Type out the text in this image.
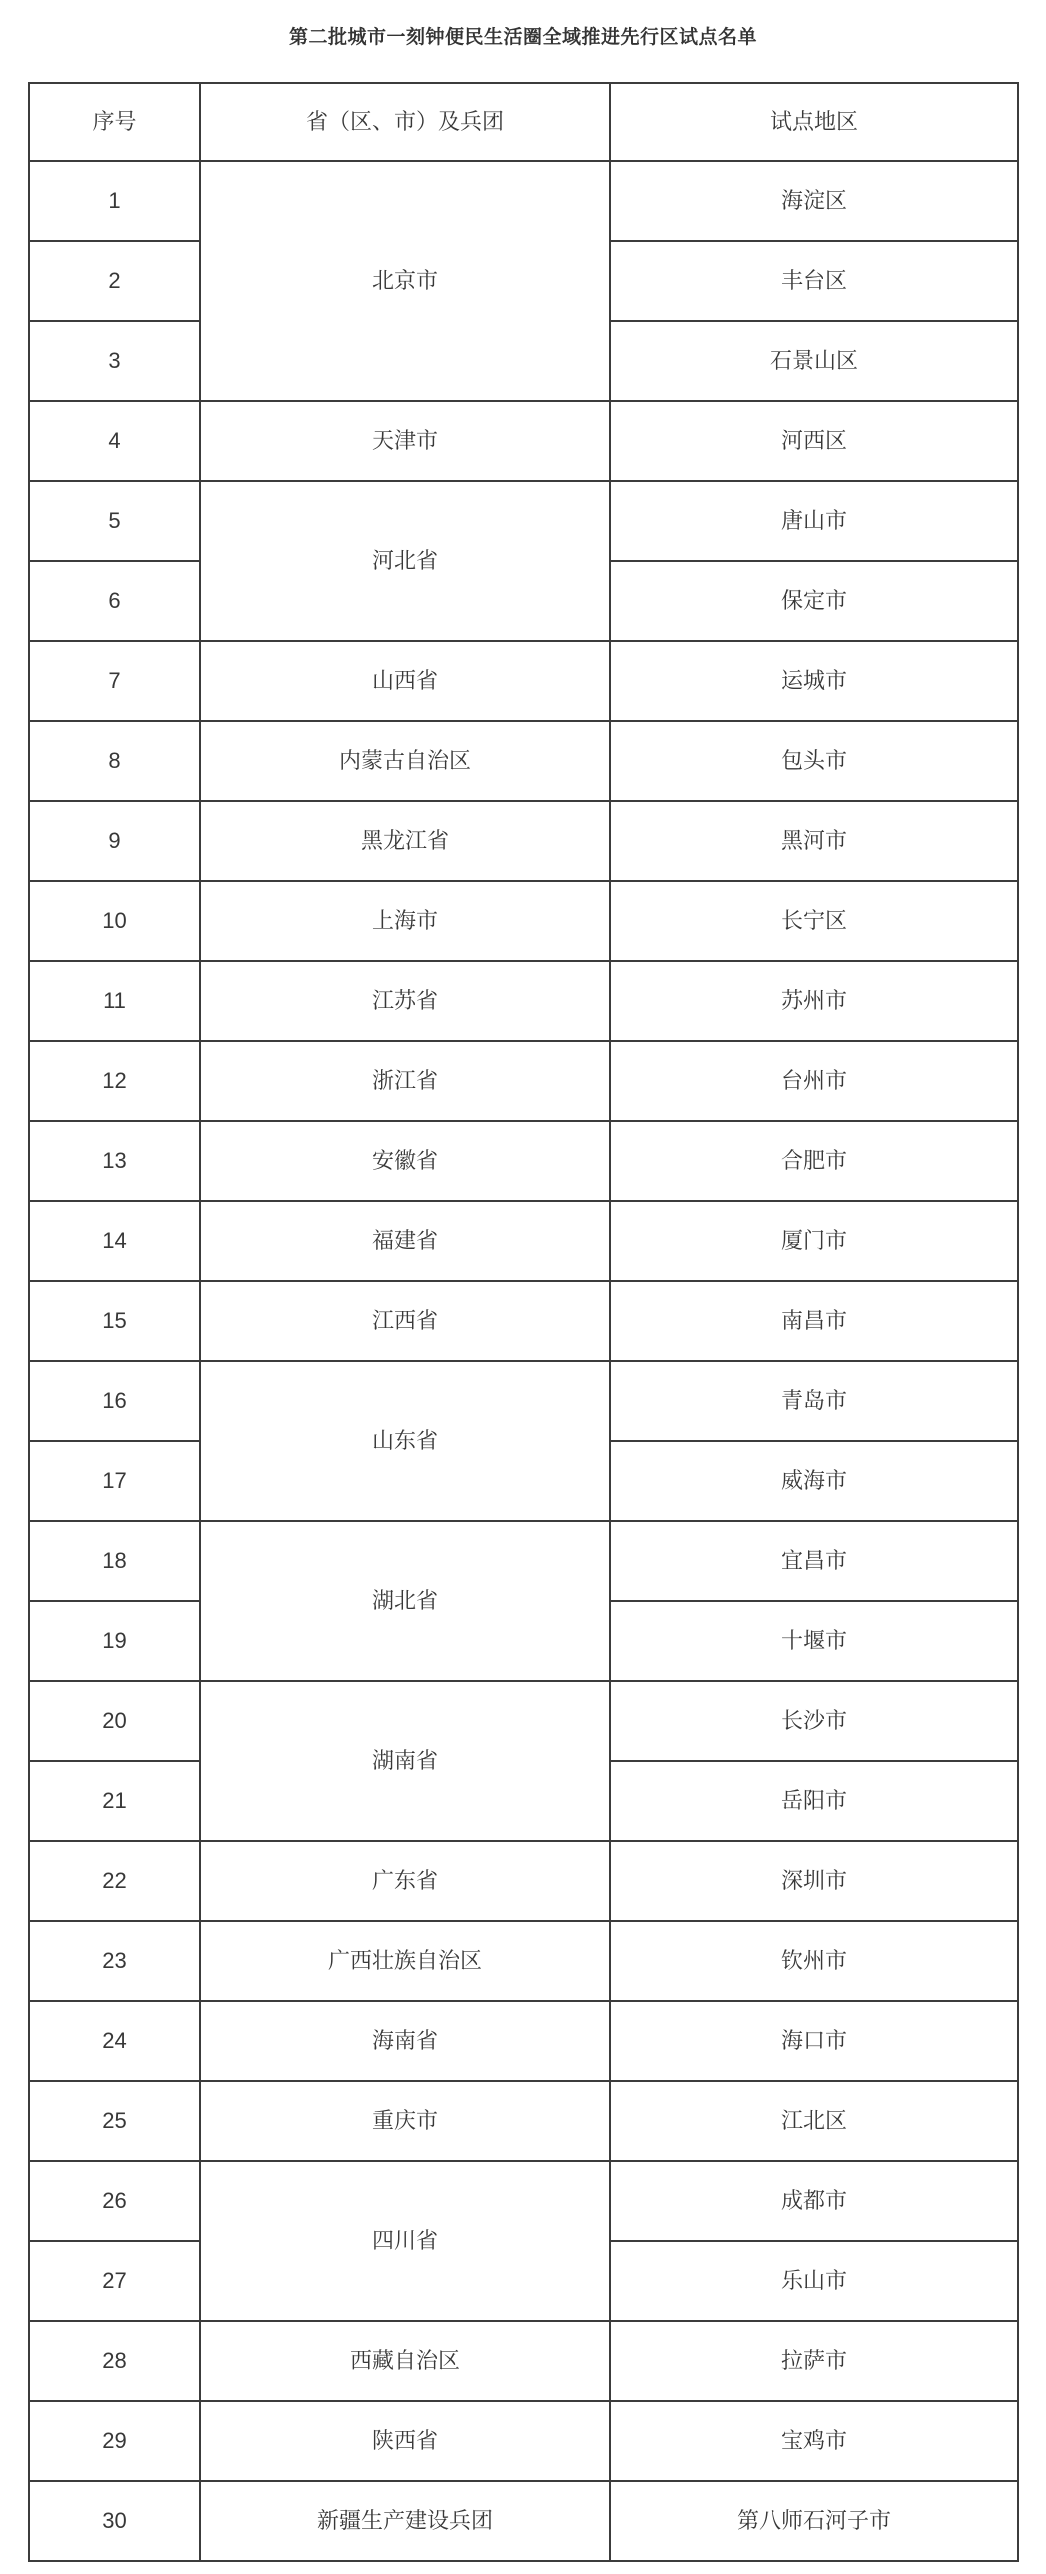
第二批城市一刻钟便民生活圈全域推进先行区试点名单
序号	省（区、市）及兵团	试点地区
1	北京市	海淀区
2		丰台区
3		石景山区
4	天津市	河西区
5	河北省	唐山市
6		保定市
7	山西省	运城市
8	内蒙古自治区	包头市
9	黑龙江省	黑河市
10	上海市	长宁区
11	江苏省	苏州市
12	浙江省	台州市
13	安徽省	合肥市
14	福建省	厦门市
15	江西省	南昌市
16	山东省	青岛市
17		威海市
18	湖北省	宜昌市
19		十堰市
20	湖南省	长沙市
21		岳阳市
22	广东省	深圳市
23	广西壮族自治区	钦州市
24	海南省	海口市
25	重庆市	江北区
26	四川省	成都市
27		乐山市
28	西藏自治区	拉萨市
29	陕西省	宝鸡市
30	新疆生产建设兵团	第八师石河子市
